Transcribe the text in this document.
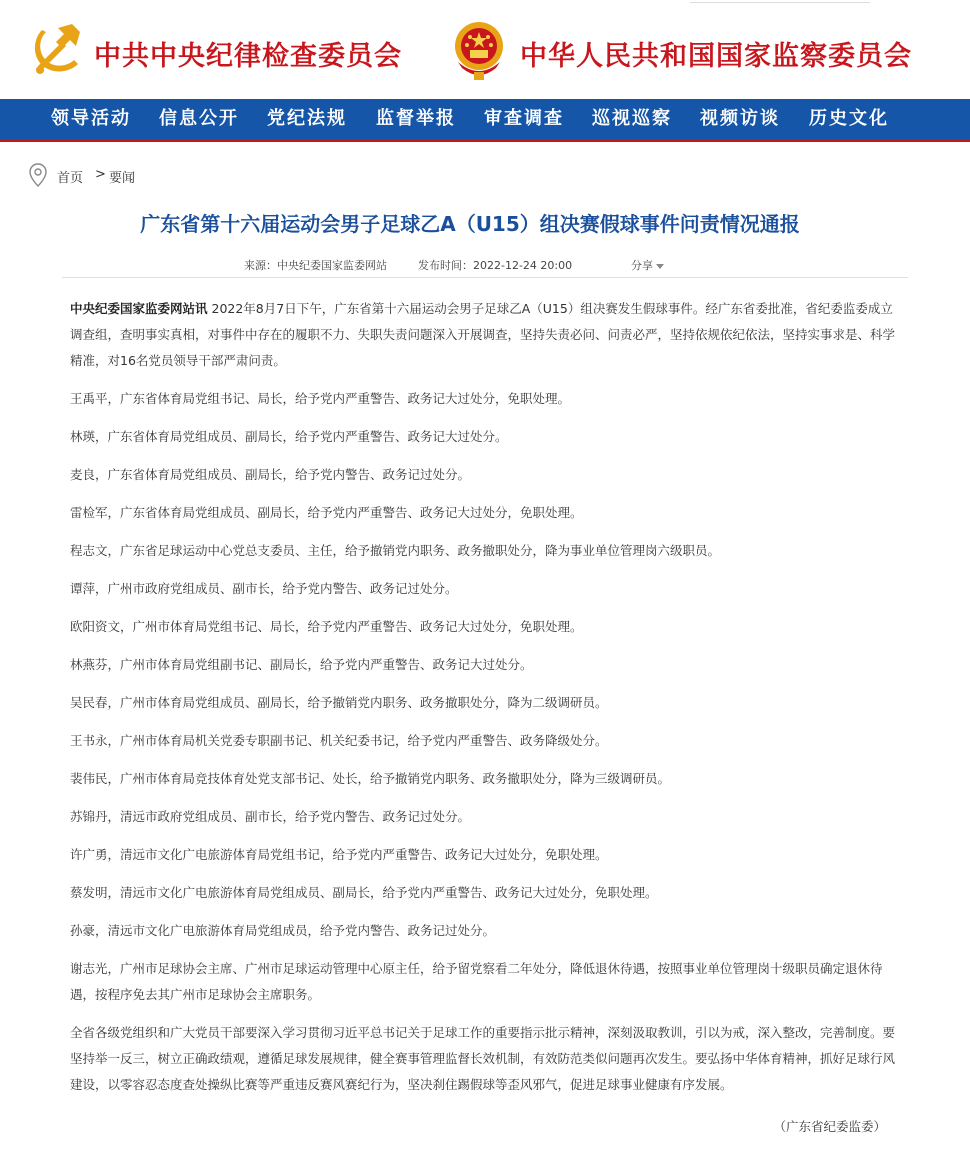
中共中央纪律检查委员会	中华人民共和国国家监察委员会
领导活动 信息公开 党纪法规 监督举报 审查调查 巡视巡察 视频访谈 历史文化
首页 > 要闻
广东省第十六届运动会男子足球乙A（U15）组决赛假球事件问责情况通报
来源：中央纪委国家监委网站	发布时间：2022-12-24 20:00	分享

中央纪委国家监委网站讯 2022年8月7日下午，广东省第十六届运动会男子足球乙A（U15）组决赛发生假球事件。经广东省委批准，省纪委监委成立调查组，查明事实真相，对事件中存在的履职不力、失职失责问题深入开展调查，坚持失责必问、问责必严，坚持依规依纪依法，坚持实事求是、科学精准，对16名党员领导干部严肃问责。

王禹平，广东省体育局党组书记、局长，给予党内严重警告、政务记大过处分，免职处理。

林瑛，广东省体育局党组成员、副局长，给予党内严重警告、政务记大过处分。

麦良，广东省体育局党组成员、副局长，给予党内警告、政务记过处分。

雷检军，广东省体育局党组成员、副局长，给予党内严重警告、政务记大过处分，免职处理。

程志文，广东省足球运动中心党总支委员、主任，给予撤销党内职务、政务撤职处分，降为事业单位管理岗六级职员。

谭萍，广州市政府党组成员、副市长，给予党内警告、政务记过处分。

欧阳资文，广州市体育局党组书记、局长，给予党内严重警告、政务记大过处分，免职处理。

林燕芬，广州市体育局党组副书记、副局长，给予党内严重警告、政务记大过处分。

吴民春，广州市体育局党组成员、副局长，给予撤销党内职务、政务撤职处分，降为二级调研员。

王书永，广州市体育局机关党委专职副书记、机关纪委书记，给予党内严重警告、政务降级处分。

裴伟民，广州市体育局竞技体育处党支部书记、处长，给予撤销党内职务、政务撤职处分，降为三级调研员。

苏锦丹，清远市政府党组成员、副市长，给予党内警告、政务记过处分。

许广勇，清远市文化广电旅游体育局党组书记，给予党内严重警告、政务记大过处分，免职处理。

蔡发明，清远市文化广电旅游体育局党组成员、副局长，给予党内严重警告、政务记大过处分，免职处理。

孙豪，清远市文化广电旅游体育局党组成员，给予党内警告、政务记过处分。

谢志光，广州市足球协会主席、广州市足球运动管理中心原主任，给予留党察看二年处分，降低退休待遇，按照事业单位管理岗十级职员确定退休待遇，按程序免去其广州市足球协会主席职务。

全省各级党组织和广大党员干部要深入学习贯彻习近平总书记关于足球工作的重要指示批示精神，深刻汲取教训，引以为戒，深入整改，完善制度。要坚持举一反三，树立正确政绩观，遵循足球发展规律，健全赛事管理监督长效机制，有效防范类似问题再次发生。要弘扬中华体育精神，抓好足球行风建设，以零容忍态度查处操纵比赛等严重违反赛风赛纪行为，坚决刹住踢假球等歪风邪气，促进足球事业健康有序发展。

（广东省纪委监委）
